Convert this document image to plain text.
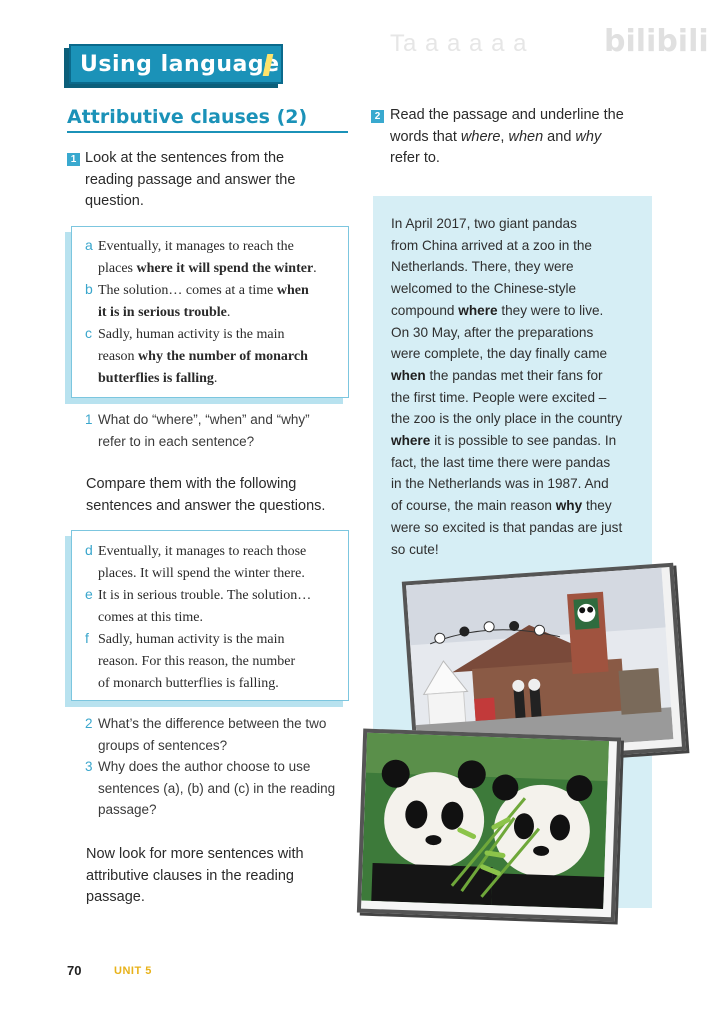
Using language
Ta a a a a a	bilibili
Attributive clauses (2)
1 Look at the sentences from the
reading passage and answer the
question.
a Eventually, it manages to reach the
places where it will spend the winter.
b The solution… comes at a time when
it is in serious trouble.
c Sadly, human activity is the main
reason why the number of monarch
butterflies is falling.
1 What do “where”, “when” and “why”
refer to in each sentence?
Compare them with the following
sentences and answer the questions.
d Eventually, it manages to reach those
places. It will spend the winter there.
e It is in serious trouble. The solution…
comes at this time.
f Sadly, human activity is the main
reason. For this reason, the number
of monarch butterflies is falling.
2 What’s the difference between the two
groups of sentences?
3 Why does the author choose to use
sentences (a), (b) and (c) in the reading
passage?
Now look for more sentences with
attributive clauses in the reading
passage.
2 Read the passage and underline the
words that where, when and why
refer to.

In April 2017, two giant pandas

from China arrived at a zoo in the

Netherlands. There, they were

welcomed to the Chinese-style

compound where they were to live.

On 30 May, after the preparations

were complete, the day finally came

when the pandas met their fans for

the first time. People were excited –

the zoo is the only place in the country

where it is possible to see pandas. In

fact, the last time there were pandas

in the Netherlands was in 1987. And

of course, the main reason why they

were so excited is that pandas are just

so cute!

70	UNIT 5
